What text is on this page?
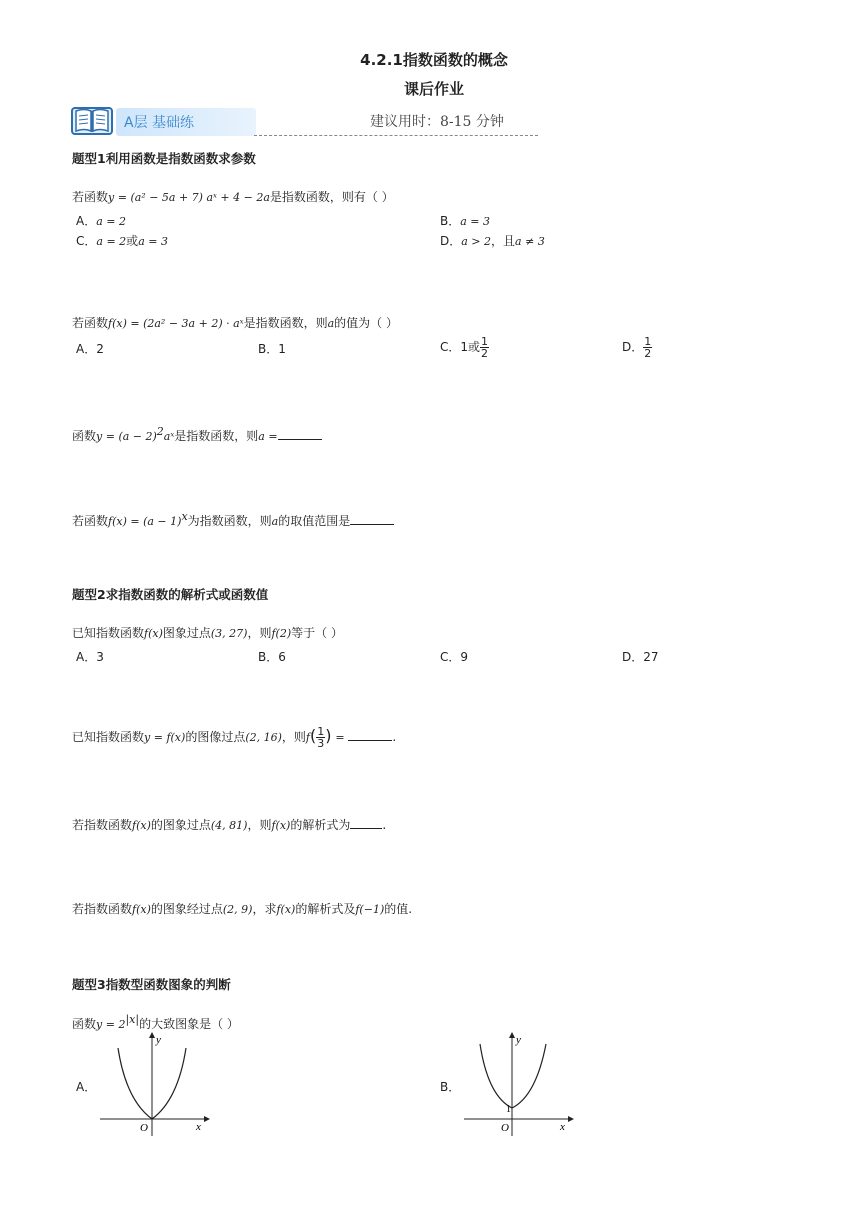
4.2.1指数函数的概念
课后作业
A层 基础练	建议用时：8-15 分钟
题型1利用函数是指数函数求参数
若函数y = (a² − 5a + 7) aˣ + 4 − 2a是指数函数，则有（ ）
A．a = 2	B．a = 3
C．a = 2或a = 3	D．a > 2，且a ≠ 3
若函数f(x) = (2a² − 3a + 2) · aˣ是指数函数，则a的值为（ ）
A．2	B．1	C．1或 $\frac{1}{2}$	D． $\frac{1}{2}$
函数$y = (a - 2)^2aˣ$是指数函数，则a =
若函数$f(x) = (a - 1)^x$为指数函数，则a的取值范围是
题型2求指数函数的解析式或函数值
已知指数函数f(x)图象过点(3, 27)，则f(2)等于（ ）
A．3	B．6	C．9	D．27
已知指数函数y = f(x)的图像过点(2, 16)，则$f( \frac{1}{3}$ ) =	.
若指数函数f(x)的图象过点(4, 81)，则f(x)的解析式为	.
若指数函数f(x)的图象经过点(2, 9)，求f(x)的解析式及f(−1)的值.
题型3指数型函数图象的判断
函数$y = 2^{|x|}$的大致图象是（ ）
A．
y
x
O
B．
y
x
O
1
